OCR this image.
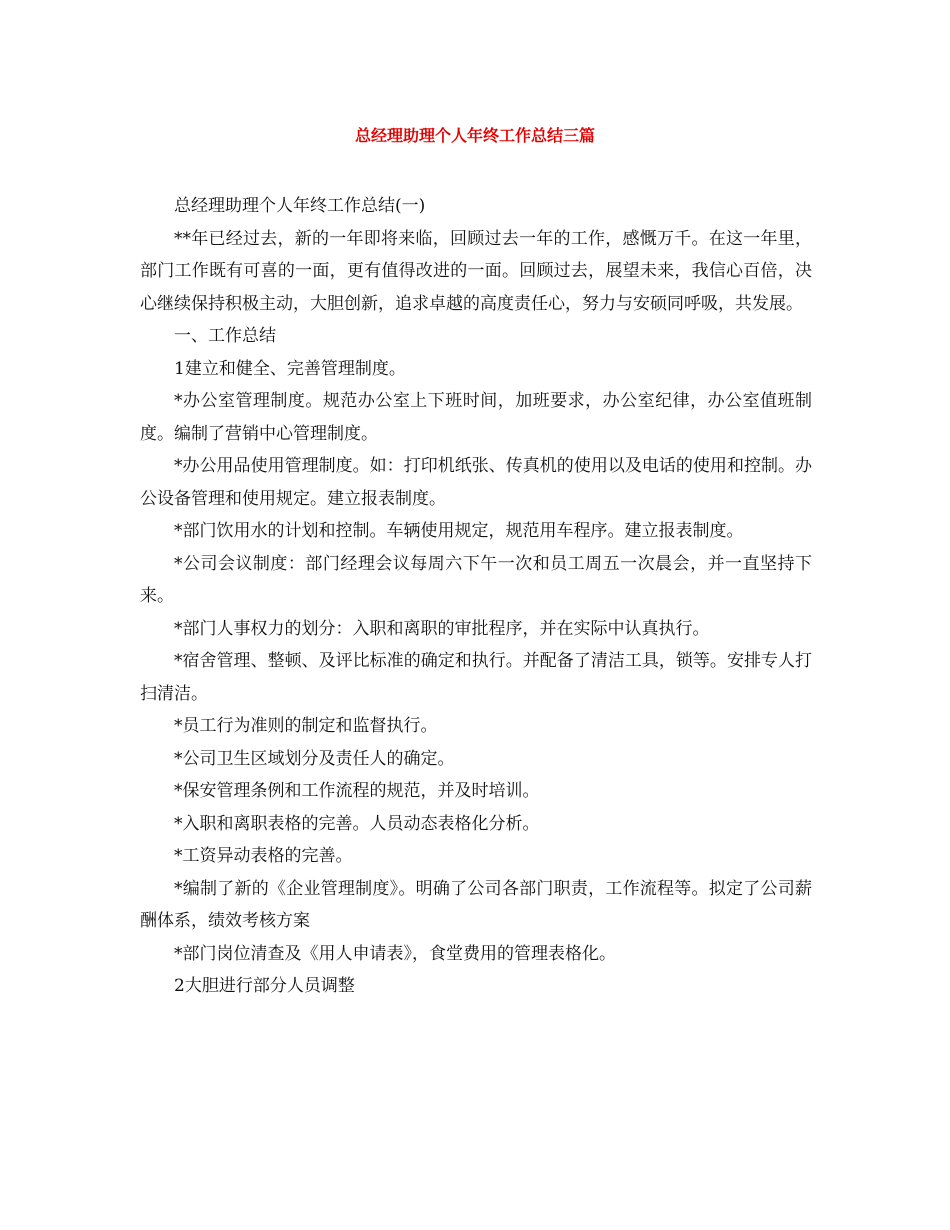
总经理助理个人年终工作总结三篇

总经理助理个人年终工作总结(一)

**年已经过去，新的一年即将来临，回顾过去一年的工作，感慨万千。在这一年里，部门工作既有可喜的一面，更有值得改进的一面。回顾过去，展望未来，我信心百倍，决心继续保持积极主动，大胆创新，追求卓越的高度责任心，努力与安硕同呼吸，共发展。

一、工作总结

1建立和健全、完善管理制度。

*办公室管理制度。规范办公室上下班时间，加班要求，办公室纪律，办公室值班制度。编制了营销中心管理制度。

*办公用品使用管理制度。如：打印机纸张、传真机的使用以及电话的使用和控制。办公设备管理和使用规定。建立报表制度。

*部门饮用水的计划和控制。车辆使用规定，规范用车程序。建立报表制度。

*公司会议制度：部门经理会议每周六下午一次和员工周五一次晨会，并一直坚持下来。

*部门人事权力的划分：入职和离职的审批程序，并在实际中认真执行。

*宿舍管理、整顿、及评比标准的确定和执行。并配备了清洁工具，锁等。安排专人打扫清洁。

*员工行为准则的制定和监督执行。

*公司卫生区域划分及责任人的确定。

*保安管理条例和工作流程的规范，并及时培训。

*入职和离职表格的完善。人员动态表格化分析。

*工资异动表格的完善。

*编制了新的《企业管理制度》。明确了公司各部门职责，工作流程等。拟定了公司薪酬体系，绩效考核方案

*部门岗位清查及《用人申请表》，食堂费用的管理表格化。

2大胆进行部分人员调整
